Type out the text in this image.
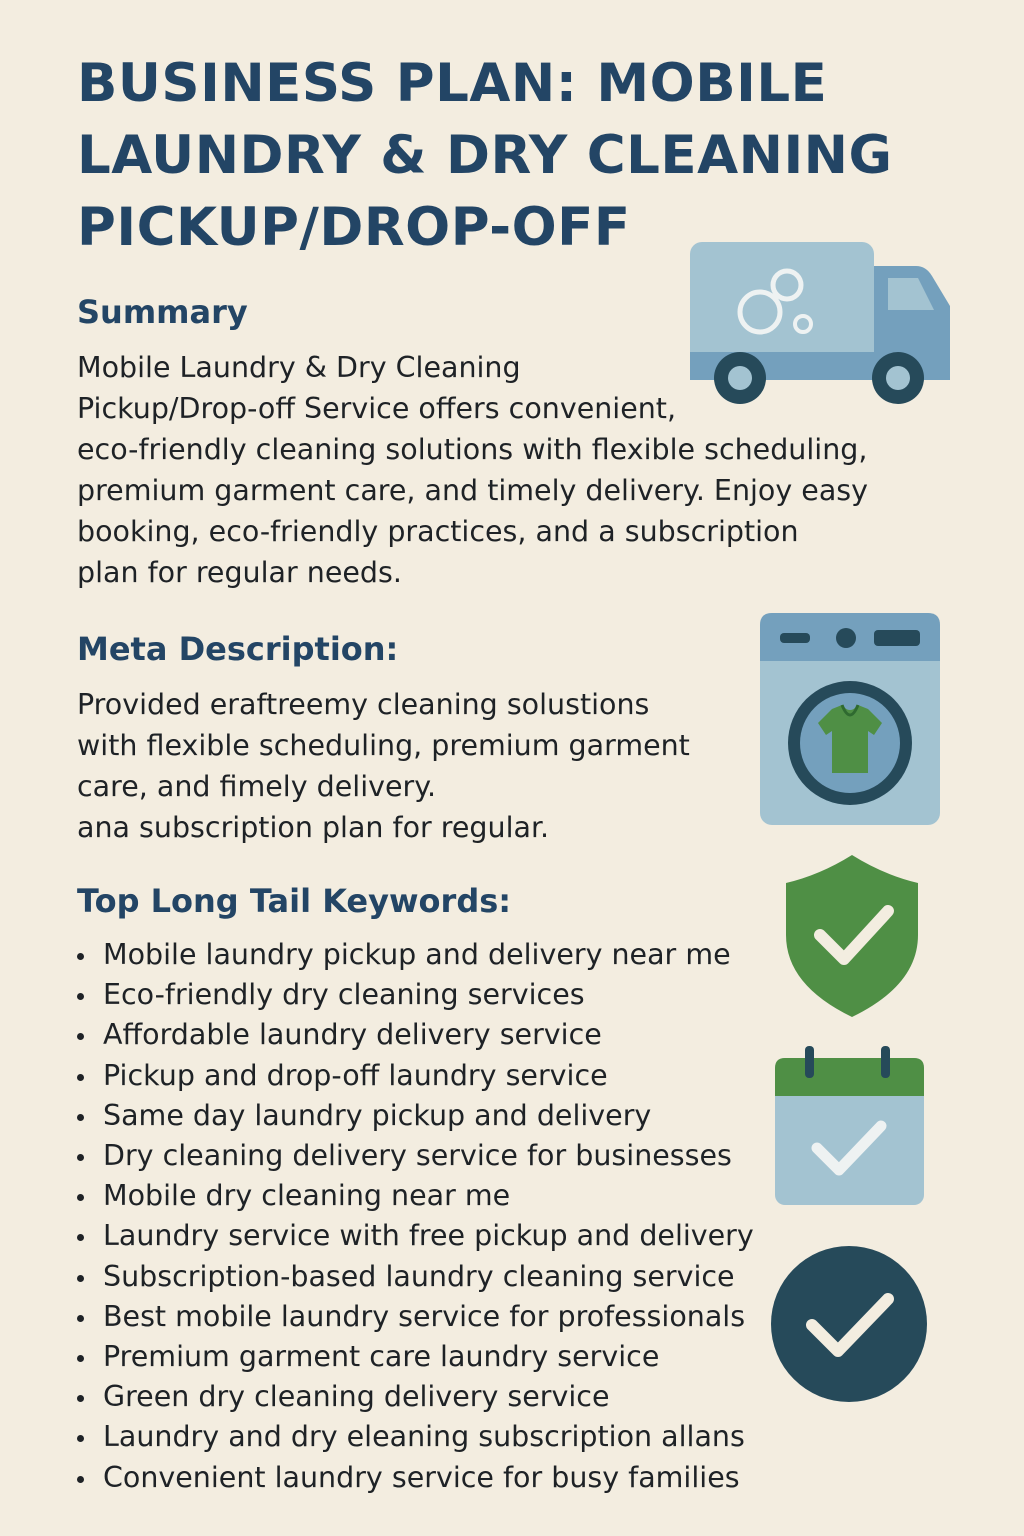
BUSINESS PLAN: MOBILE
LAUNDRY & DRY CLEANING
PICKUP/DROP-OFF
Summary
Mobile Laundry & Dry Cleaning
Pickup/Drop-off Service offers convenient,
eco-friendly cleaning solutions with flexible scheduling,
premium garment care, and timely delivery. Enjoy easy
booking, eco-friendly practices, and a subscription
plan for regular needs.
Meta Description:
Provided eraftreemy cleaning solustions
with flexible scheduling, premium garment
care, and fimely delivery.
ana subscription plan for regular.
Top Long Tail Keywords:
Mobile laundry pickup and delivery near me
Eco-friendly dry cleaning services
Affordable laundry delivery service
Pickup and drop-off laundry service
Same day laundry pickup and delivery
Dry cleaning delivery service for businesses
Mobile dry cleaning near me
Laundry service with free pickup and delivery
Subscription-based laundry cleaning service
Best mobile laundry service for professionals
Premium garment care laundry service
Green dry cleaning delivery service
Laundry and dry eleaning subscription allans
Convenient laundry service for busy families
